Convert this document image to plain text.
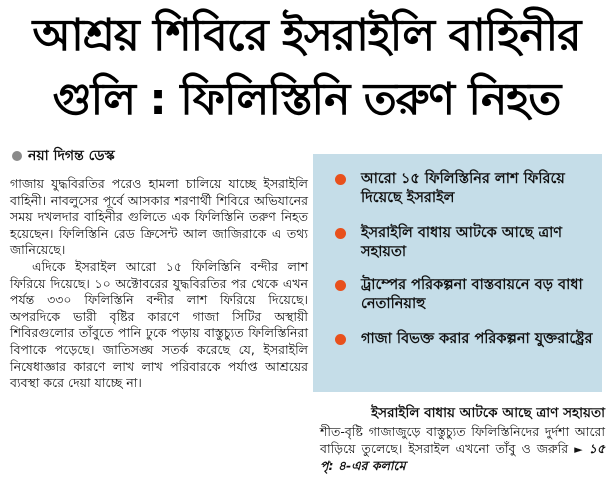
আশ্রয় শিবিরে ইসরাইলি বাহিনীর
গুলি : ফিলিস্তিনি তরুণ নিহত
নয়া দিগন্ত ডেস্ক

গাজায় যুদ্ধবিরতির পরেও হামলা চালিয়ে যাচ্ছে ইসরাইলি বাহিনী। নাবলুসের পূর্বে আসকার শরণার্থী শিবিরে অভিযানের সময় দখলদার বাহিনীর গুলিতে এক ফিলিস্তিনি তরুণ নিহত হয়েছেন। ফিলিস্তিনি রেড ক্রিসেন্ট আল জাজিরাকে এ তথ্য জানিয়েছে।

এদিকে ইসরাইল আরো ১৫ ফিলিস্তিনি বন্দীর লাশ ফিরিয়ে দিয়েছে। ১০ অক্টোবরের যুদ্ধবিরতির পর থেকে এখন পর্যন্ত ৩৩০ ফিলিস্তিনি বন্দীর লাশ ফিরিয়ে দিয়েছে। অপরদিকে ভারী বৃষ্টির কারণে গাজা সিটির অস্থায়ী শিবিরগুলোর তাঁবুতে পানি ঢুকে পড়ায় বাস্তুচ্যুত ফিলিস্তিনিরা বিপাকে পড়েছে। জাতিসঙ্ঘ সতর্ক করেছে যে, ইসরাইলি নিষেধাজ্ঞার কারণে লাখ লাখ পরিবারকে পর্যাপ্ত আশ্রয়ের ব্যবস্থা করে দেয়া যাচ্ছে না।

আরো ১৫ ফিলিস্তিনির লাশ ফিরিয়ে দিয়েছে ইসরাইল
ইসরাইলি বাধায় আটকে আছে ত্রাণ সহায়তা
ট্রাম্পের পরিকল্পনা বাস্তবায়নে বড় বাধা নেতানিয়াহু
গাজা বিভক্ত করার পরিকল্পনা যুক্তরাষ্ট্রের
ইসরাইলি বাধায় আটকে আছে ত্রাণ সহায়তা
শীত-বৃষ্টি গাজাজুড়ে বাস্তুচ্যুত ফিলিস্তিনিদের দুর্দশা আরো বাড়িয়ে তুলেছে। ইসরাইল এখনো তাঁবু ও জরুরি ► ১৫ পৃ: ৪-এর কলামে
